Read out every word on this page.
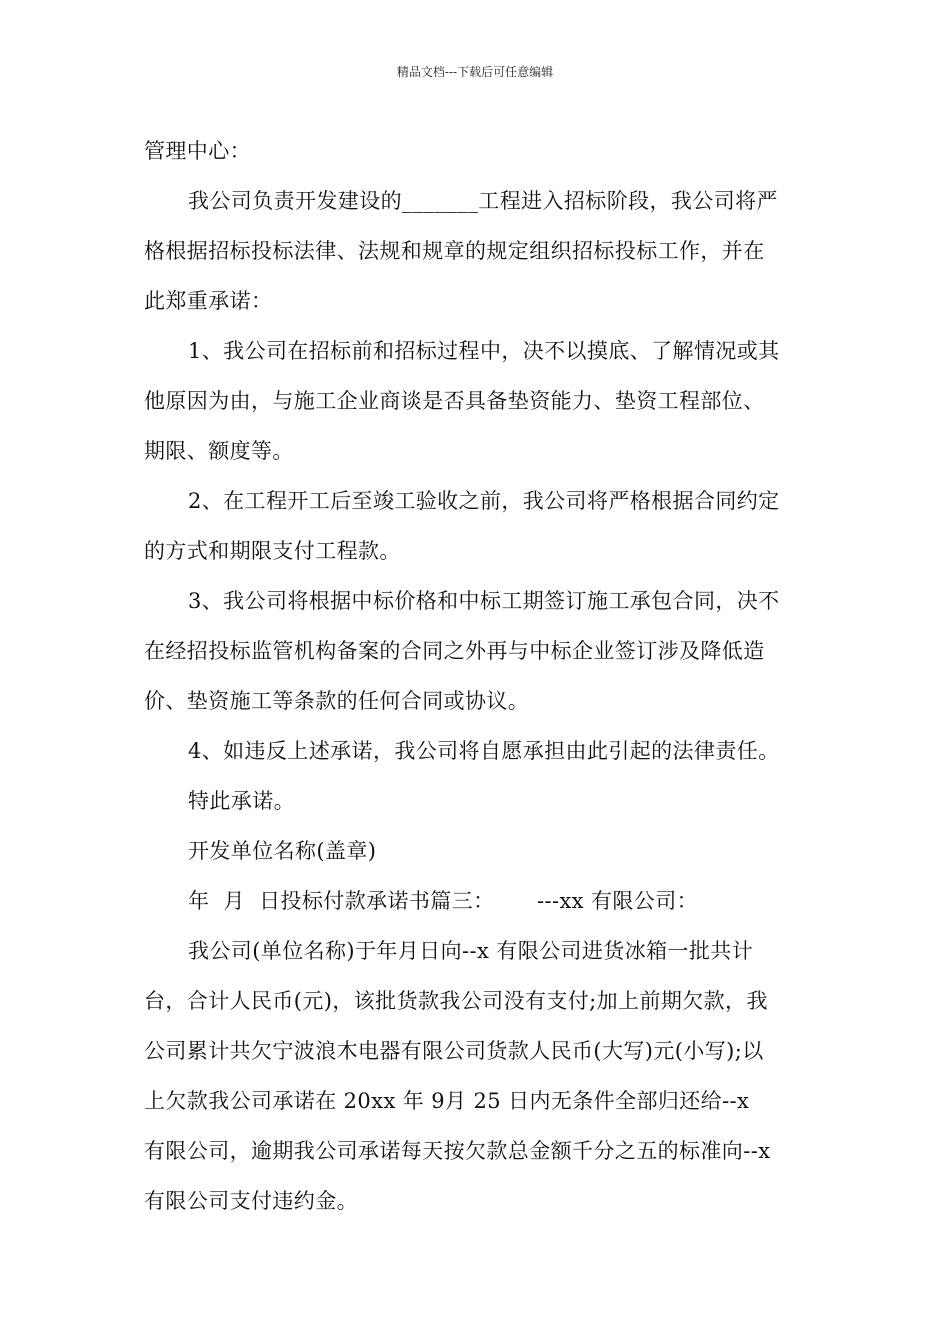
精品文档---下载后可任意编辑
管理中心：
我公司负责开发建设的_______工程进入招标阶段，我公司将严
格根据招标投标法律、法规和规章的规定组织招标投标工作，并在
此郑重承诺：
1、我公司在招标前和招标过程中，决不以摸底、了解情况或其
他原因为由，与施工企业商谈是否具备垫资能力、垫资工程部位、
期限、额度等。
2、在工程开工后至竣工验收之前，我公司将严格根据合同约定
的方式和期限支付工程款。
3、我公司将根据中标价格和中标工期签订施工承包合同，决不
在经招投标监管机构备案的合同之外再与中标企业签订涉及降低造
价、垫资施工等条款的任何合同或协议。
4、如违反上述承诺，我公司将自愿承担由此引起的法律责任。
特此承诺。
开发单位名称(盖章)
年  月  日投标付款承诺书篇三：      ---xx 有限公司：
我公司(单位名称)于年月日向--x 有限公司进货冰箱一批共计
台，合计人民币(元)，该批货款我公司没有支付;加上前期欠款，我
公司累计共欠宁波浪木电器有限公司货款人民币(大写)元(小写);以
上欠款我公司承诺在 20xx 年 9月 25 日内无条件全部归还给--x
有限公司，逾期我公司承诺每天按欠款总金额千分之五的标准向--x
有限公司支付违约金。
